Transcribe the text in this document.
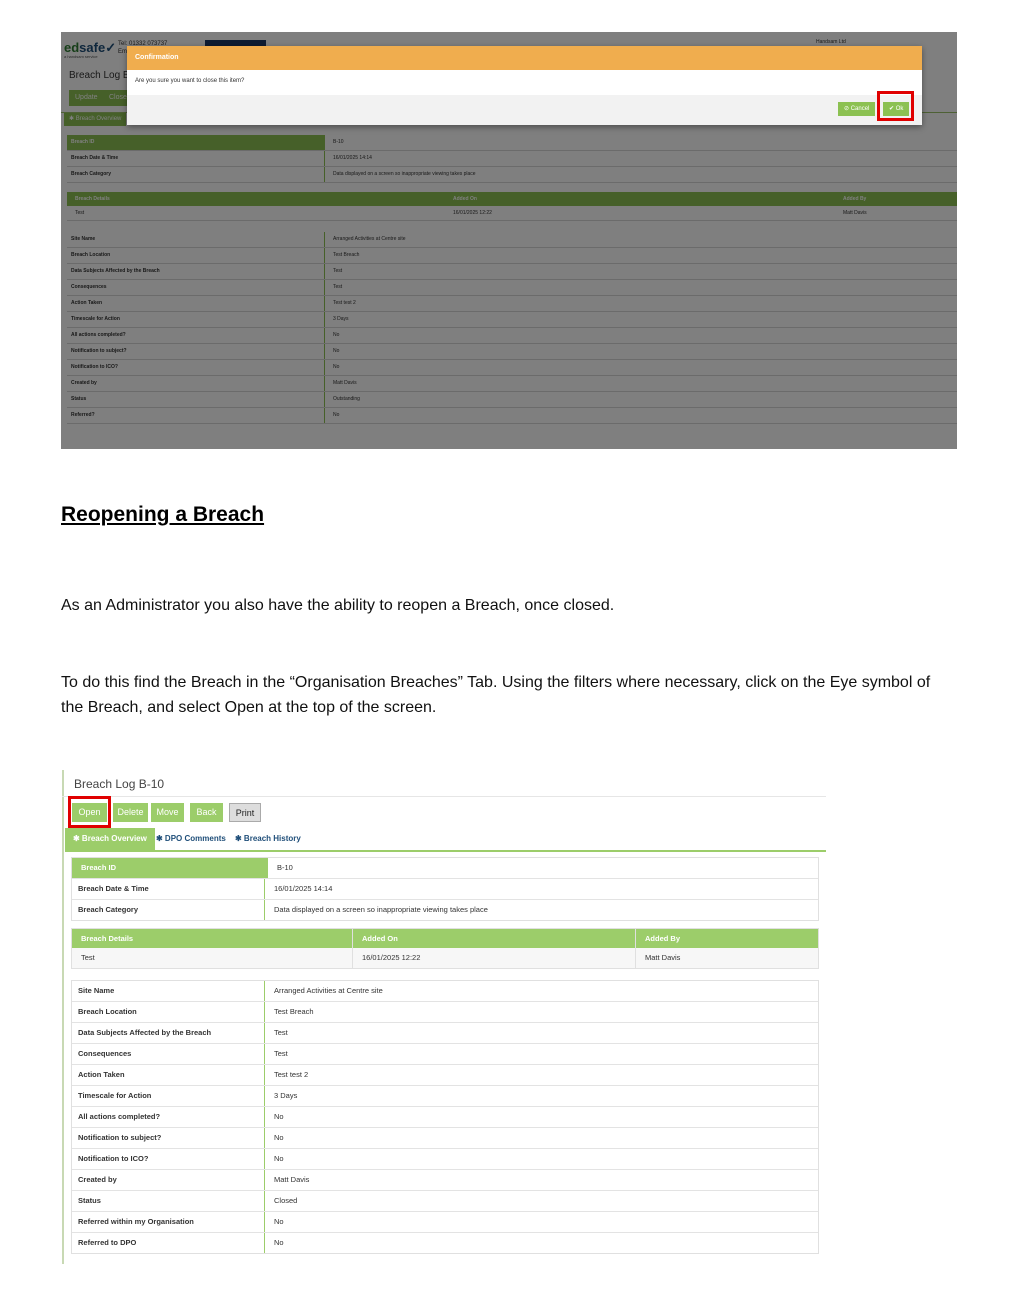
Confirmation
Are you sure you want to close this item?
⊘ Cancel	✔ Ok
Reopening a Breach
As an Administrator you also have the ability to reopen a Breach, once closed.
To do this find the Breach in the “Organisation Breaches” Tab. Using the filters where necessary, click on the Eye symbol of the Breach, and select Open at the top of the screen.
Breach Log B-10
Open	Delete	Move	Back	Print
✱ Breach Overview	✱ DPO Comments ✱ Breach History
Breach ID	B-10
Breach Date & Time	16/01/2025 14:14
Breach Category	Data displayed on a screen so inappropriate viewing takes place
Breach Details	Added On	Added By
Test	16/01/2025 12:22	Matt Davis
Site Name	Arranged Activities at Centre site
Breach Location	Test Breach
Data Subjects Affected by the Breach	Test
Consequences	Test
Action Taken	Test test 2
Timescale for Action	3 Days
All actions completed?	No
Notification to subject?	No
Notification to ICO?	No
Created by	Matt Davis
Status	Closed
Referred within my Organisation	No
Referred to DPO	No
